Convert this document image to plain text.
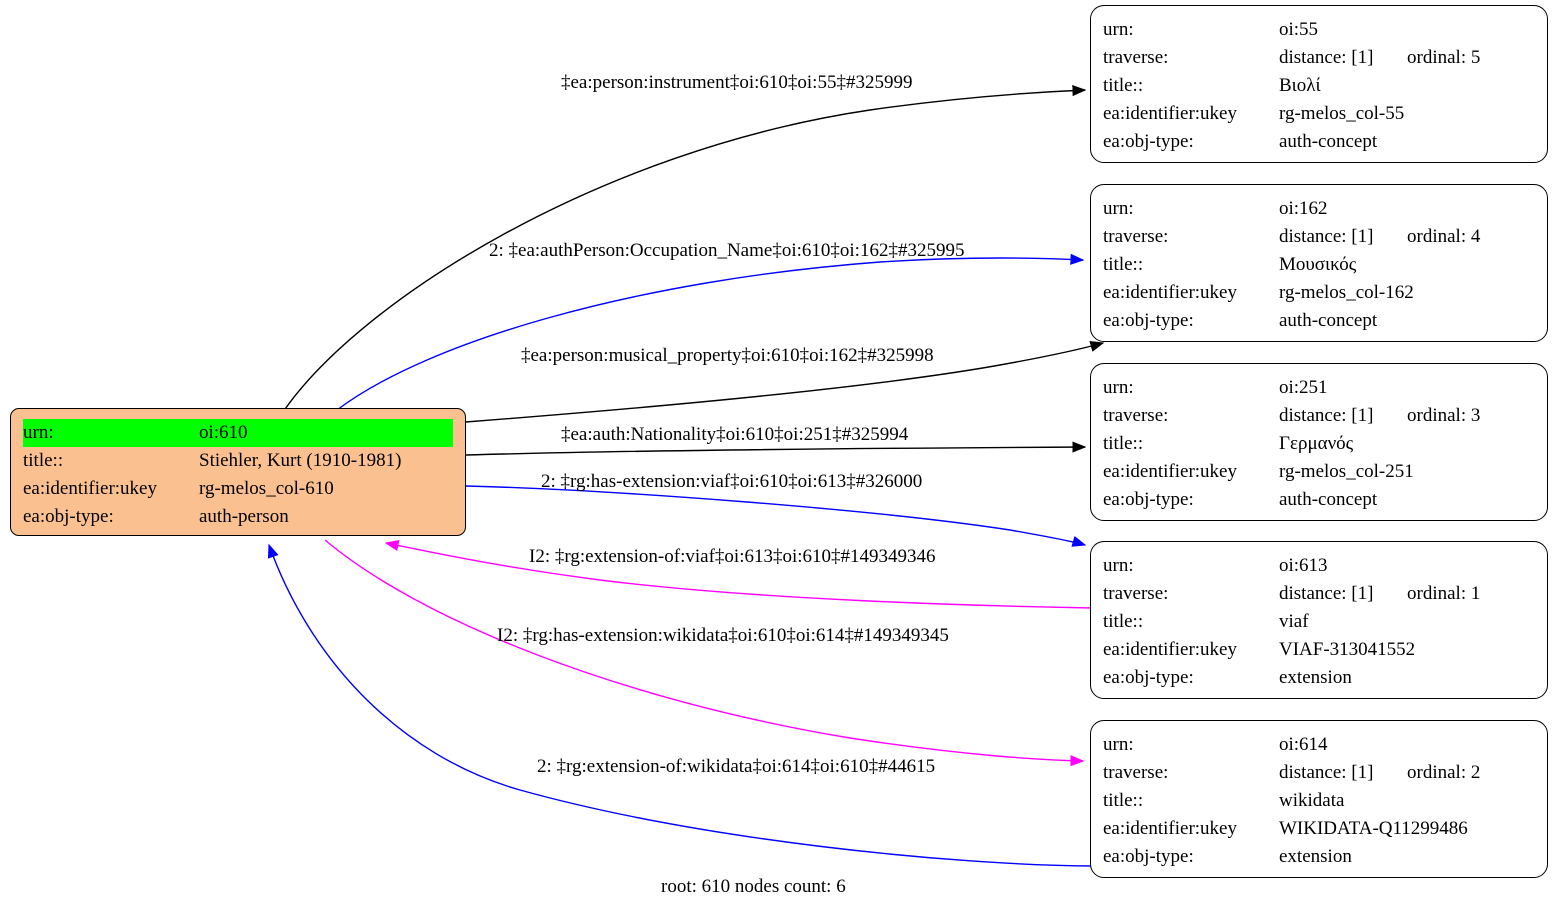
urn:	oi:610
title::	Stiehler, Kurt (1910-1981)
ea:identifier:ukey	rg-melos_col-610
ea:obj-type:	auth-person
urn:	oi:55
traverse:	distance: [1]	ordinal: 5
title::	Βιολί
ea:identifier:ukey	rg-melos_col-55
ea:obj-type:	auth-concept
urn:	oi:162
traverse:	distance: [1]	ordinal: 4
title::	Μουσικός
ea:identifier:ukey	rg-melos_col-162
ea:obj-type:	auth-concept
urn:	oi:251
traverse:	distance: [1]	ordinal: 3
title::	Γερμανός
ea:identifier:ukey	rg-melos_col-251
ea:obj-type:	auth-concept
urn:	oi:613
traverse:	distance: [1]	ordinal: 1
title::	viaf
ea:identifier:ukey	VIAF-313041552
ea:obj-type:	extension
urn:	oi:614
traverse:	distance: [1]	ordinal: 2
title::	wikidata
ea:identifier:ukey	WIKIDATA-Q11299486
ea:obj-type:	extension
‡ea:person:instrument‡oi:610‡oi:55‡#325999
2: ‡ea:authPerson:Occupation_Name‡oi:610‡oi:162‡#325995
‡ea:person:musical_property‡oi:610‡oi:162‡#325998
‡ea:auth:Nationality‡oi:610‡oi:251‡#325994
2: ‡rg:has-extension:viaf‡oi:610‡oi:613‡#326000
I2: ‡rg:extension-of:viaf‡oi:613‡oi:610‡#149349346
I2: ‡rg:has-extension:wikidata‡oi:610‡oi:614‡#149349345
2: ‡rg:extension-of:wikidata‡oi:614‡oi:610‡#44615
root: 610 nodes count: 6
